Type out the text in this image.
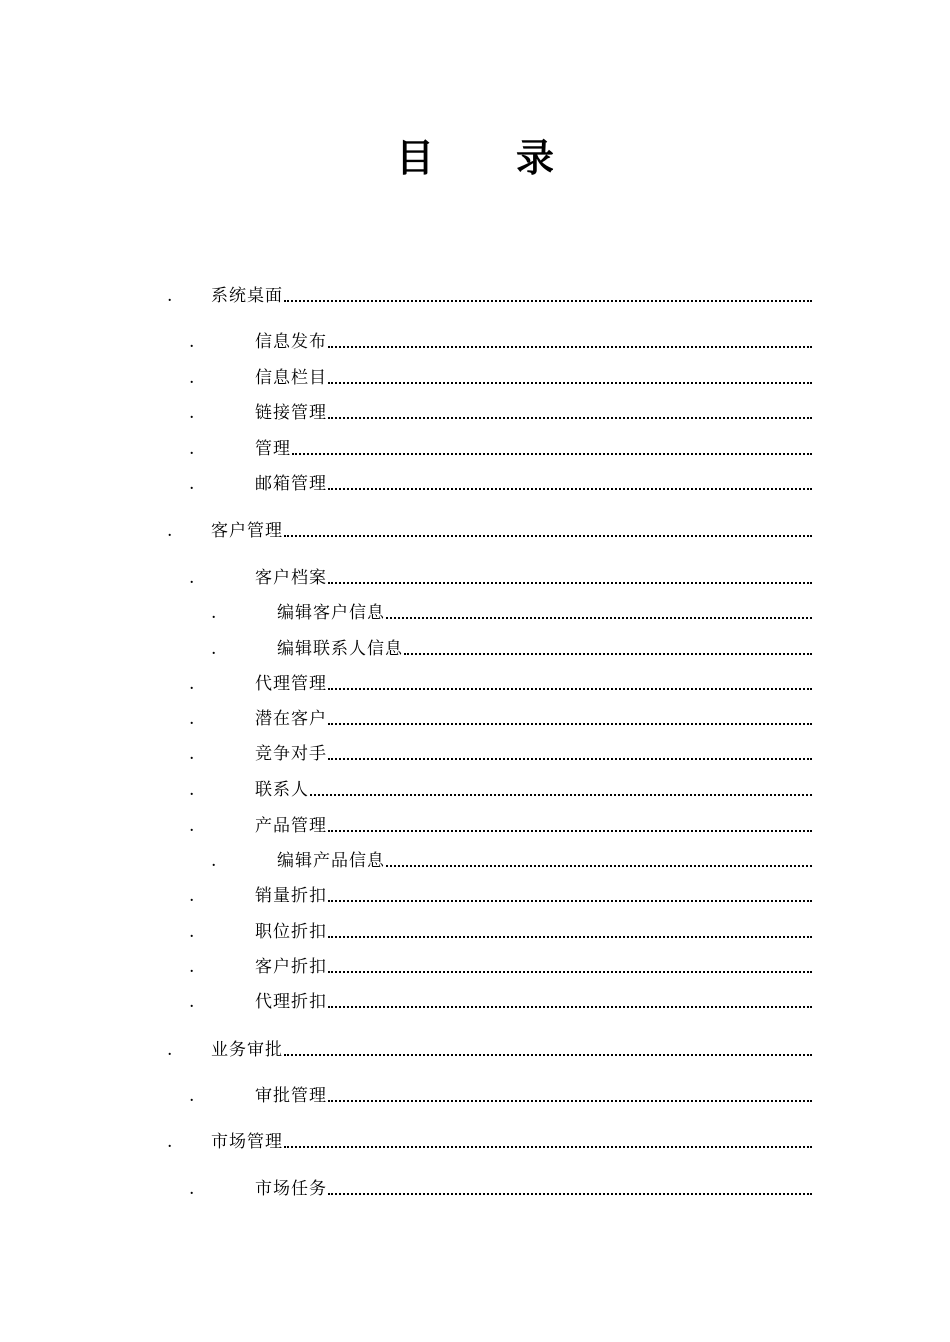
目 录
.	系统桌面
.	信息发布
.	信息栏目
.	链接管理
.	管理
.	邮箱管理
.	客户管理
.	客户档案
.	编辑客户信息
.	编辑联系人信息
.	代理管理
.	潜在客户
.	竞争对手
.	联系人
.	产品管理
.	编辑产品信息
.	销量折扣
.	职位折扣
.	客户折扣
.	代理折扣
.	业务审批
.	审批管理
.	市场管理
.	市场任务
